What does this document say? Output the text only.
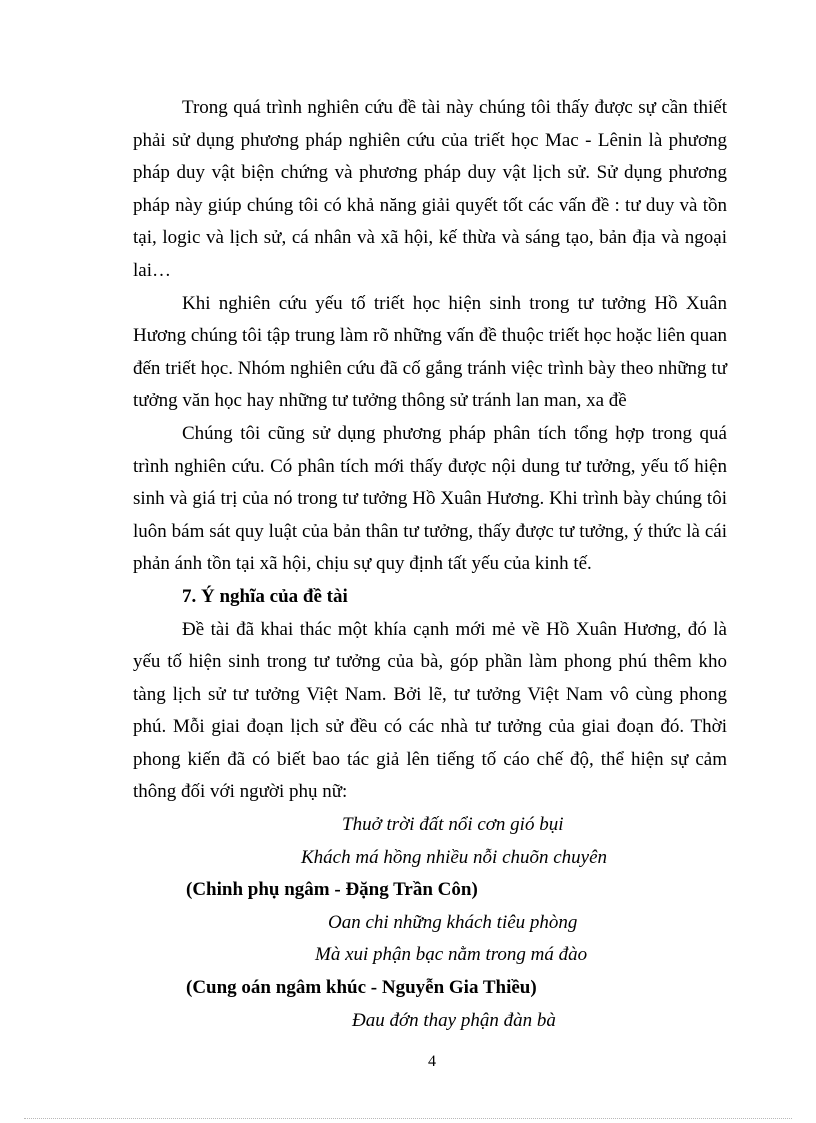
Trong quá trình nghiên cứu đề tài này chúng tôi thấy được sự cần thiết phải sử dụng phương pháp nghiên cứu của triết học Mac - Lênin là phương pháp duy vật biện chứng và phương pháp duy vật lịch sử. Sử dụng phương pháp này giúp chúng tôi có khả năng giải quyết tốt các vấn đề : tư duy và tồn tại, logic và lịch sử, cá nhân và xã hội, kế thừa và sáng tạo, bản địa và ngoại lai…

Khi nghiên cứu yếu tố triết học hiện sinh trong tư tưởng Hồ Xuân Hương chúng tôi tập trung làm rõ những vấn đề thuộc triết học hoặc liên quan đến triết học. Nhóm nghiên cứu đã cố gắng tránh việc trình bày theo những tư tưởng văn học hay những tư tưởng thông sử tránh lan man, xa đề

Chúng tôi cũng sử dụng phương pháp phân tích tổng hợp trong quá trình nghiên cứu. Có phân tích mới thấy được nội dung tư tưởng, yếu tố hiện sinh và giá trị của nó trong tư tưởng Hồ Xuân Hương. Khi trình bày chúng tôi luôn bám sát quy luật của bản thân tư tưởng, thấy được tư tưởng, ý thức là cái phản ánh tồn tại xã hội, chịu sự quy định tất yếu của kinh tế.

7. Ý nghĩa của đề tài

Đề tài đã khai thác một khía cạnh mới mẻ về Hồ Xuân Hương, đó là yếu tố hiện sinh trong tư tưởng của bà, góp phần làm phong phú thêm kho tàng lịch sử tư tưởng Việt Nam. Bởi lẽ, tư tưởng Việt Nam vô cùng phong phú. Mỗi giai đoạn lịch sử đều có các nhà tư tưởng của giai đoạn đó. Thời phong kiến đã có biết bao tác giả lên tiếng tố cáo chế độ, thể hiện sự cảm thông đối với người phụ nữ:

Thuở trời đất nổi cơn gió bụi

Khách má hồng nhiều nỗi chuõn chuyên

(Chinh phụ ngâm - Đặng Trần Côn)

Oan chi những khách tiêu phòng

Mà xui phận bạc nằm trong má đào

(Cung oán ngâm khúc - Nguyễn Gia Thiều)

Đau đớn thay phận đàn bà

4
